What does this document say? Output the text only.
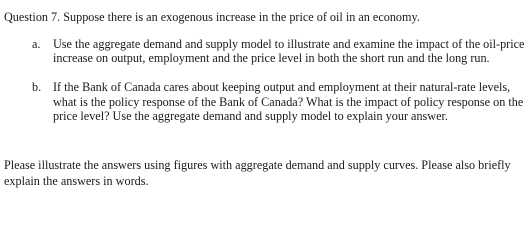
Question 7. Suppose there is an exogenous increase in the price of oil in an economy.
a. Use the aggregate demand and supply model to illustrate and examine the impact of the oil-price increase on output, employment and the price level in both the short run and the long run.
b. If the Bank of Canada cares about keeping output and employment at their natural-rate levels, what is the policy response of the Bank of Canada? What is the impact of policy response on the price level? Use the aggregate demand and supply model to explain your answer.
Please illustrate the answers using figures with aggregate demand and supply curves. Please also briefly explain the answers in words.
